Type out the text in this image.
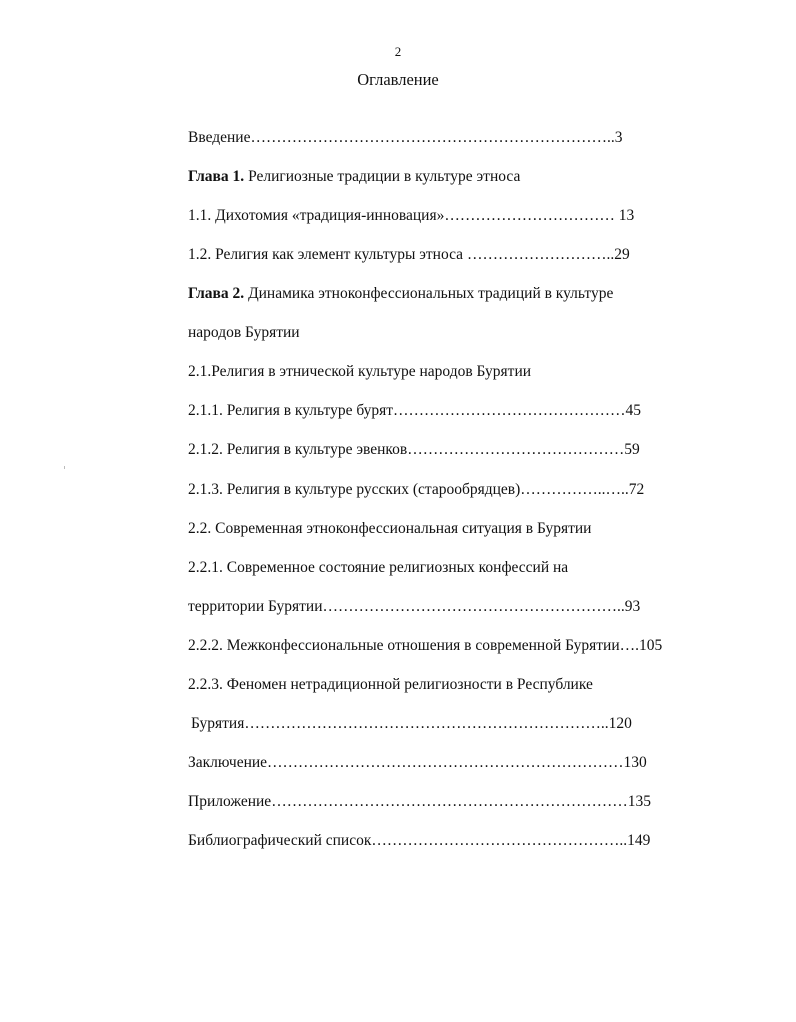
2
Оглавление
Введение……………………………………………………………..3
Глава 1. Религиозные традиции в культуре этноса
1.1. Дихотомия «традиция-инновация»…………………………… 13
1.2. Религия как элемент культуры этноса ………………………..29
Глава 2. Динамика этноконфессиональных традиций в культуре
народов Бурятии
2.1.Религия в этнической культуре народов Бурятии
2.1.1. Религия в культуре бурят………………………………………45
2.1.2. Религия в культуре эвенков……………………………………59
2.1.3. Религия в культуре русских (старообрядцев)……………..…..72
2.2. Современная этноконфессиональная ситуация в Бурятии
2.2.1. Современное состояние религиозных конфессий на
территории Бурятии…………………………………………………..93
2.2.2. Межконфессиональные отношения в современной Бурятии….105
2.2.3. Феномен нетрадиционной религиозности в Республике
Бурятия……………………………………………………………..120
Заключение……………………………………………………………130
Приложение……………………………………………………………135
Библиографический список…………………………………………..149
